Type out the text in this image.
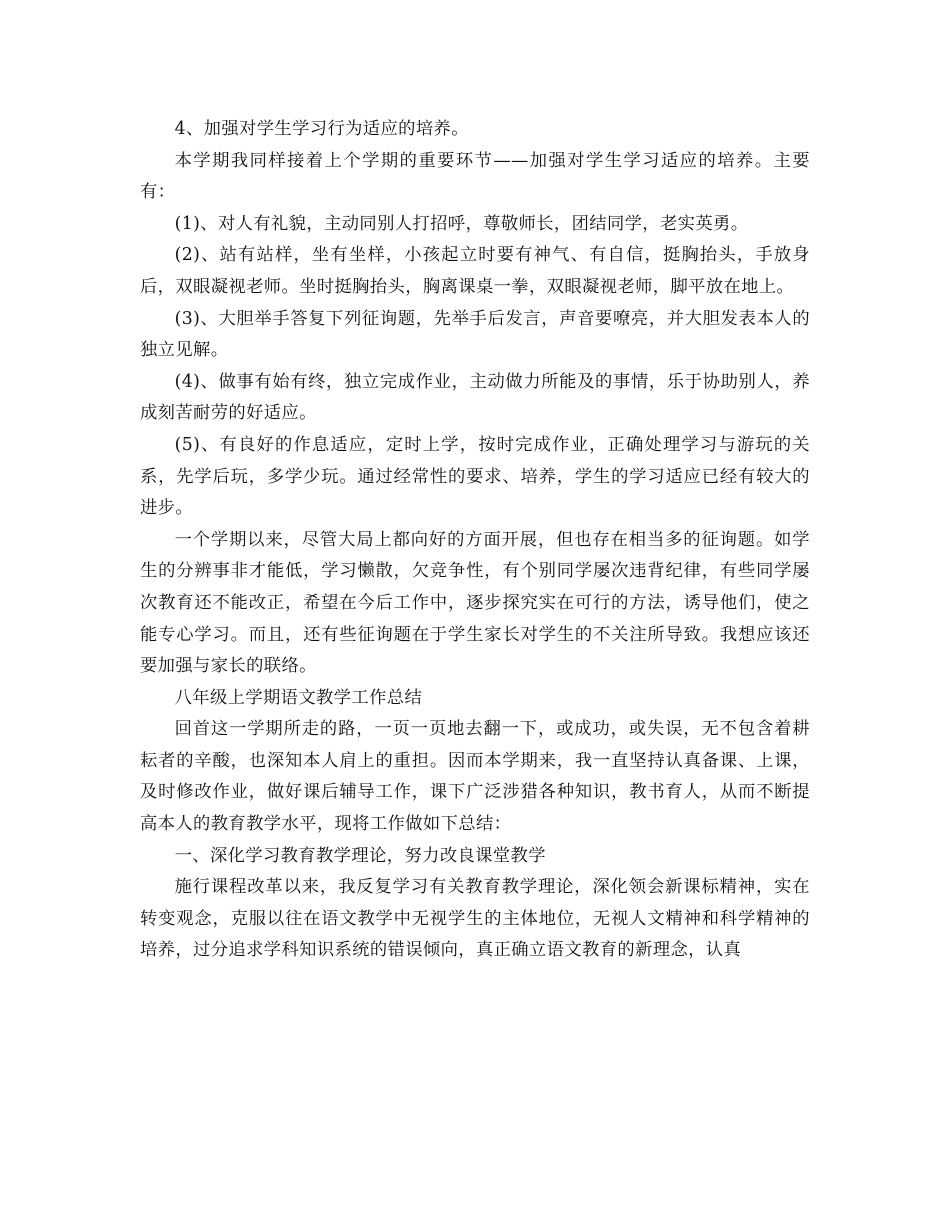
4、加强对学生学习行为适应的培养。

本学期我同样接着上个学期的重要环节——加强对学生学习适应的培养。主要有：

(1)、对人有礼貌，主动同别人打招呼，尊敬师长，团结同学，老实英勇。

(2)、站有站样，坐有坐样，小孩起立时要有神气、有自信，挺胸抬头，手放身后，双眼凝视老师。坐时挺胸抬头，胸离课桌一拳，双眼凝视老师，脚平放在地上。

(3)、大胆举手答复下列征询题，先举手后发言，声音要嘹亮，并大胆发表本人的独立见解。

(4)、做事有始有终，独立完成作业，主动做力所能及的事情，乐于协助别人，养成刻苦耐劳的好适应。

(5)、有良好的作息适应，定时上学，按时完成作业，正确处理学习与游玩的关系，先学后玩，多学少玩。通过经常性的要求、培养，学生的学习适应已经有较大的进步。

一个学期以来，尽管大局上都向好的方面开展，但也存在相当多的征询题。如学生的分辨事非才能低，学习懒散，欠竞争性，有个别同学屡次违背纪律，有些同学屡次教育还不能改正，希望在今后工作中，逐步探究实在可行的方法，诱导他们，使之能专心学习。而且，还有些征询题在于学生家长对学生的不关注所导致。我想应该还要加强与家长的联络。

八年级上学期语文教学工作总结

回首这一学期所走的路，一页一页地去翻一下，或成功，或失误，无不包含着耕耘者的辛酸，也深知本人肩上的重担。因而本学期来，我一直坚持认真备课、上课，及时修改作业，做好课后辅导工作，课下广泛涉猎各种知识，教书育人，从而不断提高本人的教育教学水平，现将工作做如下总结：

一、深化学习教育教学理论，努力改良课堂教学

施行课程改革以来，我反复学习有关教育教学理论，深化领会新课标精神，实在转变观念，克服以往在语文教学中无视学生的主体地位，无视人文精神和科学精神的培养，过分追求学科知识系统的错误倾向，真正确立语文教育的新理念，认真
